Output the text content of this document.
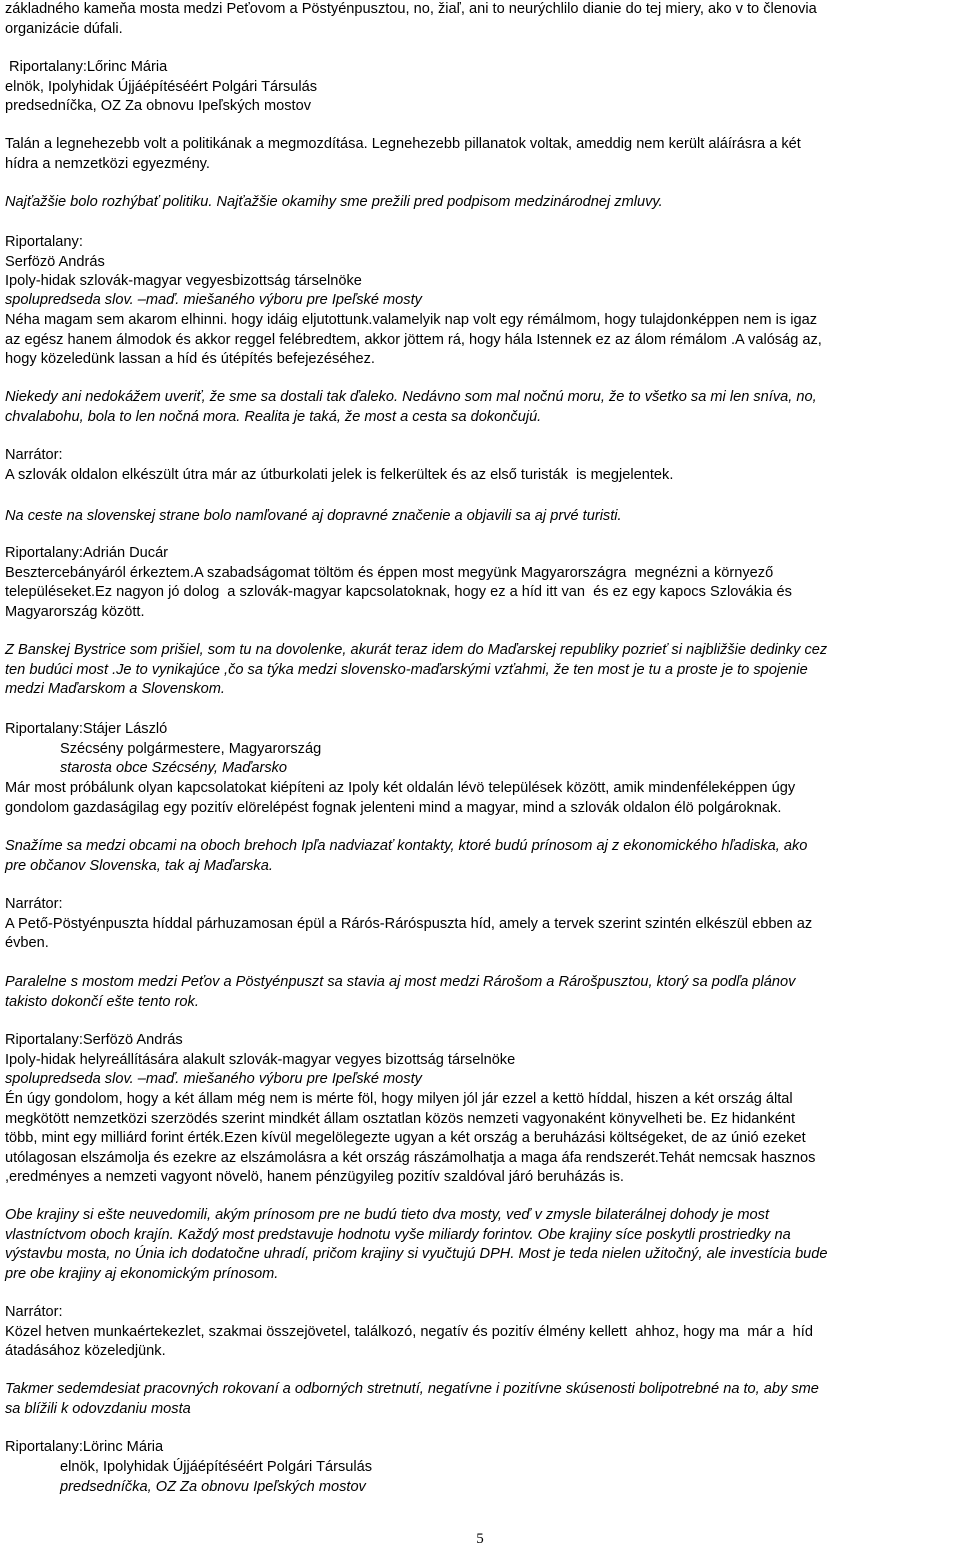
základného kameňa mosta medzi Peťovom a Pöstyénpusztou, no, žiaľ, ani to neurýchlilo dianie do tej miery, ako v to členovia
organizácie dúfali.
Riportalany:Lőrinc Mária
elnök, Ipolyhidak Újjáépítéséért Polgári Társulás
predsedníčka, OZ Za obnovu Ipeľských mostov
Talán a legnehezebb volt a politikának a megmozdítása. Legnehezebb pillanatok voltak, ameddig nem került aláírásra a két
hídra a nemzetközi egyezmény.
Najťažšie bolo rozhýbať politiku. Najťažšie okamihy sme prežili pred podpisom medzinárodnej zmluvy.
Riportalany:
Serfözö András
Ipoly-hidak szlovák-magyar vegyesbizottság társelnöke
spolupredseda slov. –maď. miešaného výboru pre Ipeľské mosty
Néha magam sem akarom elhinni. hogy idáig eljutottunk.valamelyik nap volt egy rémálmom, hogy tulajdonképpen nem is igaz
az egész hanem álmodok és akkor reggel felébredtem, akkor jöttem rá, hogy hála Istennek ez az álom rémálom .A valóság az,
hogy közeledünk lassan a híd és útépítés befejezéséhez.
Niekedy ani nedokážem uveriť, že sme sa dostali tak ďaleko. Nedávno som mal nočnú moru, že to všetko sa mi len sníva, no,
chvalabohu, bola to len nočná mora. Realita je taká, že most a cesta sa dokončujú.
Narrátor:
A szlovák oldalon elkészült útra már az útburkolati jelek is felkerültek és az első turisták  is megjelentek.
Na ceste na slovenskej strane bolo namľované aj dopravné značenie a objavili sa aj prvé turisti.
Riportalany:Adrián Ducár
Besztercebányáról érkeztem.A szabadságomat töltöm és éppen most megyünk Magyarországra  megnézni a környező
településeket.Ez nagyon jó dolog  a szlovák-magyar kapcsolatoknak, hogy ez a híd itt van  és ez egy kapocs Szlovákia és
Magyarország között.
Z Banskej Bystrice som prišiel, som tu na dovolenke, akurát teraz idem do Maďarskej republiky pozrieť si najbližšie dedinky cez
ten budúci most .Je to vynikajúce ,čo sa týka medzi slovensko-maďarskými vzťahmi, že ten most je tu a proste je to spojenie
medzi Maďarskom a Slovenskom.
Riportalany:Stájer László
Szécsény polgármestere, Magyarország
starosta obce Szécsény, Maďarsko
Már most próbálunk olyan kapcsolatokat kiépíteni az Ipoly két oldalán lévö települések között, amik mindenféleképpen úgy
gondolom gazdaságilag egy pozitív elörelépést fognak jelenteni mind a magyar, mind a szlovák oldalon élö polgároknak.
Snažíme sa medzi obcami na oboch brehoch Ipľa nadviazať kontakty, ktoré budú prínosom aj z ekonomického hľadiska, ako
pre občanov Slovenska, tak aj Maďarska.
Narrátor:
A Pető-Pöstyénpuszta híddal párhuzamosan épül a Rárós-Ráróspuszta híd, amely a tervek szerint szintén elkészül ebben az
évben.
Paralelne s mostom medzi Peťov a Pöstyénpuszt sa stavia aj most medzi Rárošom a Rárošpusztou, ktorý sa podľa plánov
takisto dokončí ešte tento rok.
Riportalany:Serfözö András
Ipoly-hidak helyreállítására alakult szlovák-magyar vegyes bizottság társelnöke
spolupredseda slov. –maď. miešaného výboru pre Ipeľské mosty
Én úgy gondolom, hogy a két állam még nem is mérte föl, hogy milyen jól jár ezzel a kettö híddal, hiszen a két ország által
megkötött nemzetközi szerzödés szerint mindkét állam osztatlan közös nemzeti vagyonaként könyvelheti be. Ez hidanként
több, mint egy milliárd forint érték.Ezen kívül megelölegezte ugyan a két ország a beruházási költségeket, de az únió ezeket
utólagosan elszámolja és ezekre az elszámolásra a két ország rászámolhatja a maga áfa rendszerét.Tehát nemcsak hasznos
,eredményes a nemzeti vagyont növelö, hanem pénzügyileg pozitív szaldóval járó beruházás is.
Obe krajiny si ešte neuvedomili, akým prínosom pre ne budú tieto dva mosty, veď v zmysle bilaterálnej dohody je most
vlastníctvom oboch krajín. Každý most predstavuje hodnotu vyše miliardy forintov. Obe krajiny síce poskytli prostriedky na
výstavbu mosta, no Únia ich dodatočne uhradí, pričom krajiny si vyučtujú DPH. Most je teda nielen užitočný, ale investícia bude
pre obe krajiny aj ekonomickým prínosom.
Narrátor:
Közel hetven munkaértekezlet, szakmai összejövetel, találkozó, negatív és pozitív élmény kellett  ahhoz, hogy ma  már a  híd
átadásához közeledjünk.
Takmer sedemdesiat pracovných rokovaní a odborných stretnutí, negatívne i pozitívne skúsenosti bolipotrebné na to, aby sme
sa blížili k odovzdaniu mosta
Riportalany:Lörinc Mária
elnök, Ipolyhidak Újjáépítéséért Polgári Társulás
predsedníčka, OZ Za obnovu Ipeľských mostov
5
